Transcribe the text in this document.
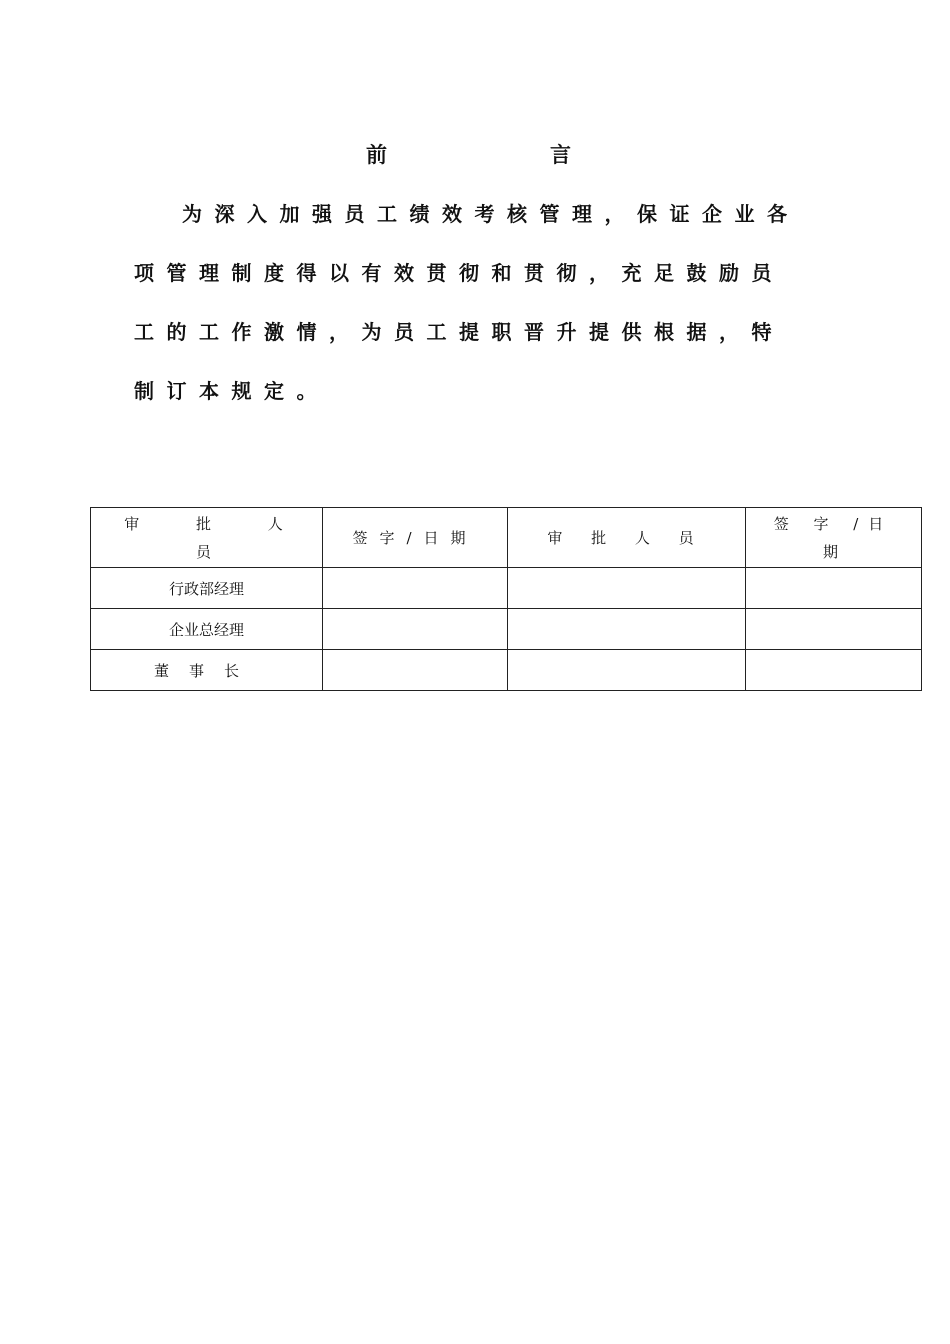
前	言
为深入加强员工绩效考核管理，保证企业各
项管理制度得以有效贯彻和贯彻，充足鼓励员
工的工作激情，为员工提职晋升提供根据，特
制订本规定。
审 批 人
员	签字/日期	审 批 人 员	签 字 /日
期

行政部经理			
企业总经理			
董事长			
